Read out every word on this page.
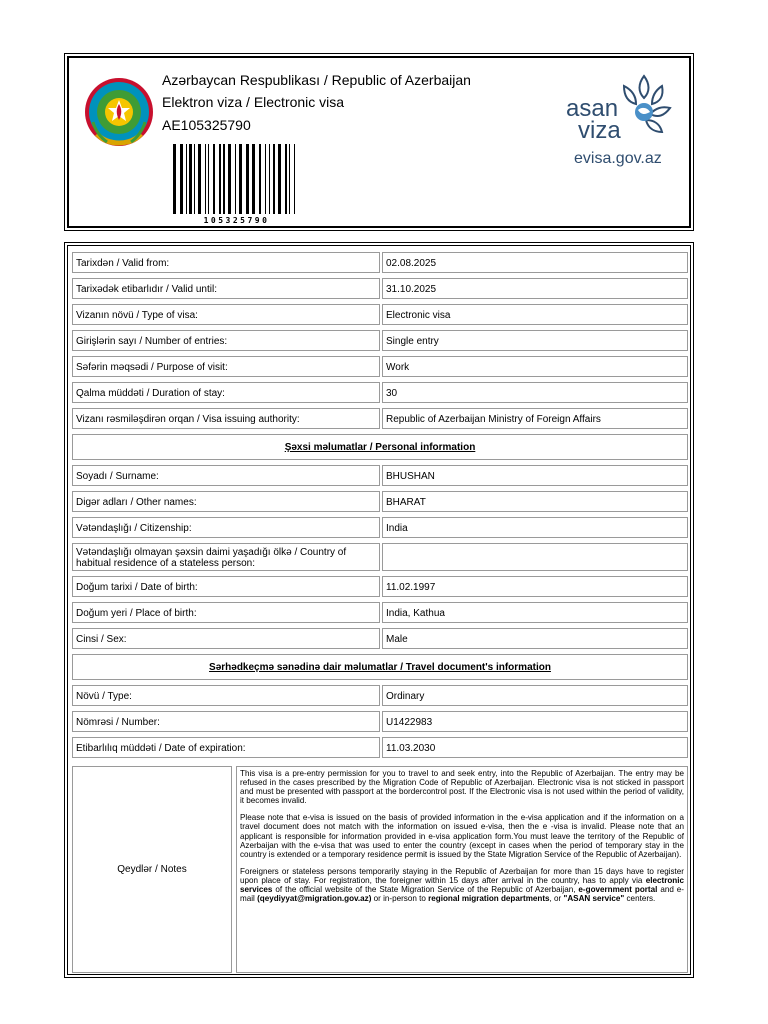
Azərbaycan Respublikası / Republic of Azerbaijan
Elektron viza / Electronic visa
AE105325790
105325790
asan
viza
evisa.gov.az
Tarixdən / Valid from:	02.08.2025
Tarixədək etibarlıdır / Valid until:	31.10.2025
Vizanın növü / Type of visa:	Electronic visa
Girişlərin sayı / Number of entries:	Single entry
Səfərin məqsədi / Purpose of visit:	Work
Qalma müddəti / Duration of stay:	30
Vizanı rəsmiləşdirən orqan / Visa issuing authority:	Republic of Azerbaijan Ministry of Foreign Affairs
Şəxsi məlumatlar / Personal information
Soyadı / Surname:	BHUSHAN
Digər adları / Other names:	BHARAT
Vətəndaşlığı / Citizenship:	India
Vətəndaşlığı olmayan şəxsin daimi yaşadığı ölkə / Country of habitual residence of a stateless person:
Doğum tarixi / Date of birth:	11.02.1997
Doğum yeri / Place of birth:	India, Kathua
Cinsi / Sex:	Male
Sərhədkeçmə sənədinə dair məlumatlar / Travel document's information
Növü / Type:	Ordinary
Nömrəsi / Number:	U1422983
Etibarlılıq müddəti / Date of expiration:	11.03.2030
Qeydlər / Notes

This visa is a pre-entry permission for you to travel to and seek entry, into the Republic of Azerbaijan. The entry may be refused in the cases prescribed by the Migration Code of Republic of Azerbaijan. Electronic visa is not sticked in passport and must be presented with passport at the bordercontrol post. If the Electronic visa is not used within the period of validity, it becomes invalid.

Please note that e-visa is issued on the basis of provided information in the e-visa application and if the information on a travel document does not match with the information on issued e-visa, then the e -visa is invalid. Please note that an applicant is responsible for information provided in e-visa application form.You must leave the territory of the Republic of Azerbaijan with the e-visa that was used to enter the country (except in cases when the period of temporary stay in the country is extended or a temporary residence permit is issued by the State Migration Service of the Republic of Azerbaijan).

Foreigners or stateless persons temporarily staying in the Republic of Azerbaijan for more than 15 days have to register upon place of stay. For registration, the foreigner within 15 days after arrival in the country, has to apply via electronic services of the official website of the State Migration Service of the Republic of Azerbaijan, e-government portal and e-mail (qeydiyyat@migration.gov.az) or in-person to regional migration departments, or "ASAN service" centers.
